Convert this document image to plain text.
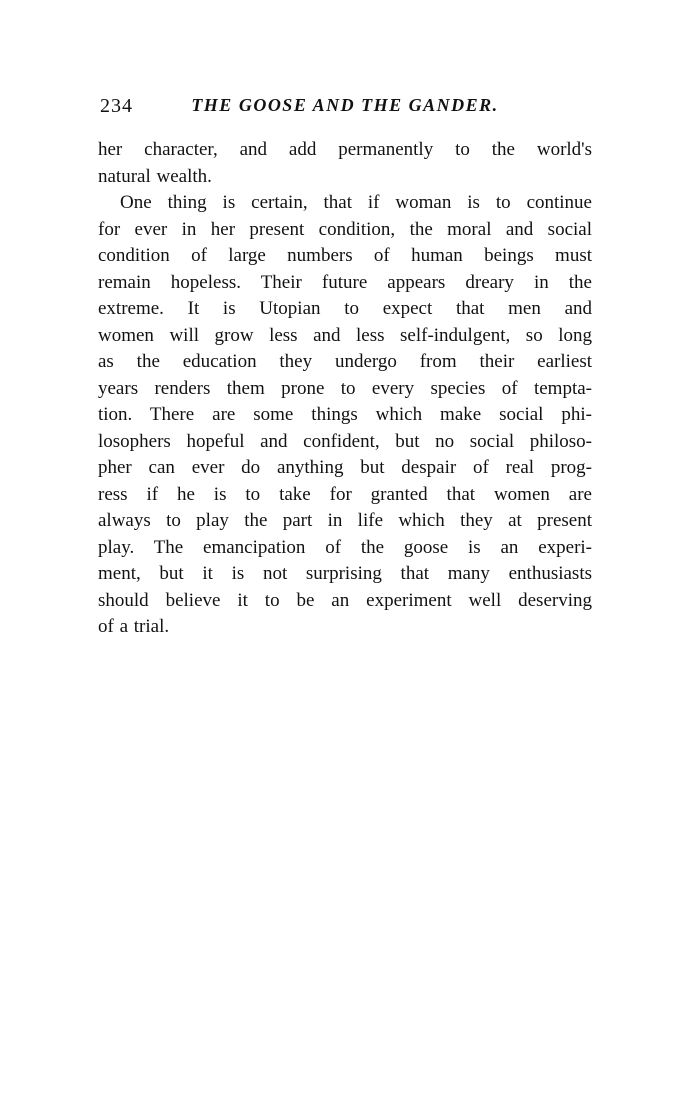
234	THE GOOSE AND THE GANDER.
her character, and add permanently to the world's
natural wealth.
One thing is certain, that if woman is to continue
for ever in her present condition, the moral and social
condition of large numbers of human beings must
remain hopeless. Their future appears dreary in the
extreme. It is Utopian to expect that men and
women will grow less and less self-indulgent, so long
as the education they undergo from their earliest
years renders them prone to every species of tempta-
tion. There are some things which make social phi-
losophers hopeful and confident, but no social philoso-
pher can ever do anything but despair of real prog-
ress if he is to take for granted that women are
always to play the part in life which they at present
play. The emancipation of the goose is an experi-
ment, but it is not surprising that many enthusiasts
should believe it to be an experiment well deserving
of a trial.
